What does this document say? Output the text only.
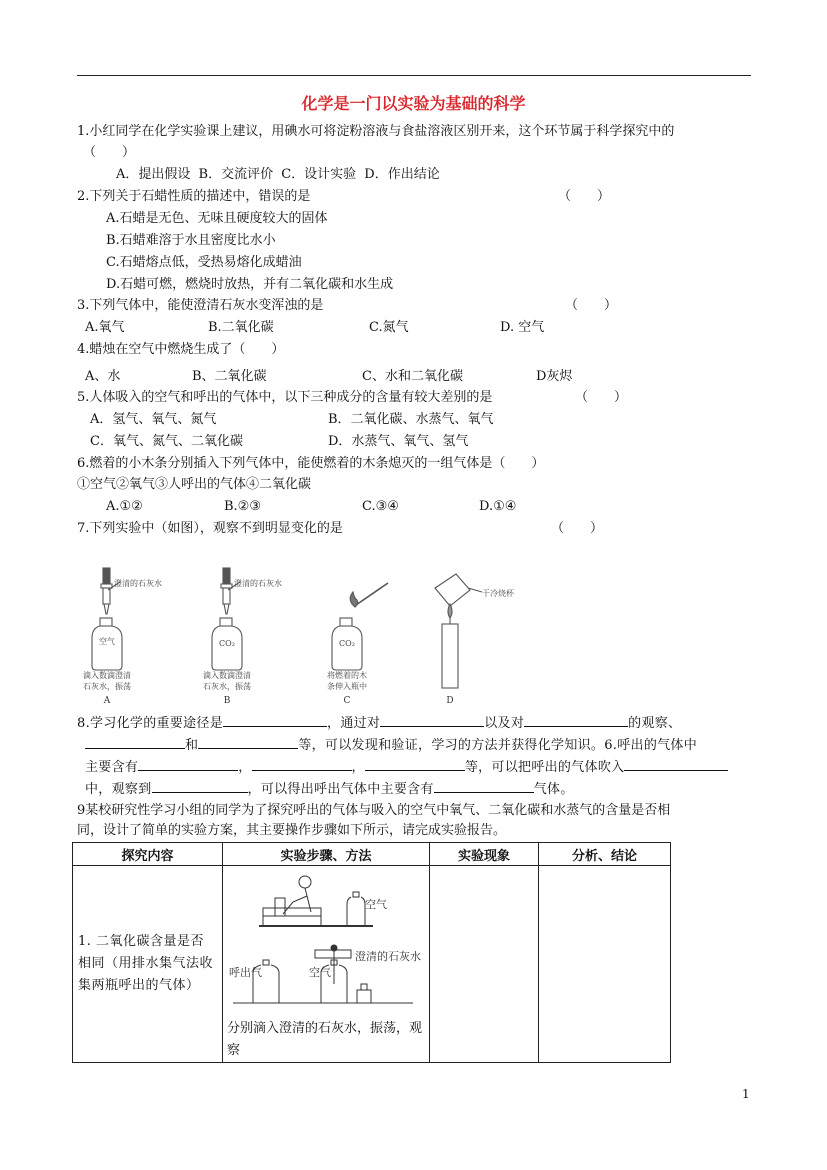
化学是一门以实验为基础的科学
1.小红同学在化学实验课上建议，用碘水可将淀粉溶液与食盐溶液区别开来，这个环节属于科学探究中的
（　　）
A．提出假设 B．交流评价 C．设计实验 D．作出结论
2.下列关于石蜡性质的描述中，错误的是	（　　）
A.石蜡是无色、无味且硬度较大的固体
B.石蜡难溶于水且密度比水小
C.石蜡熔点低，受热易熔化成蜡油
D.石蜡可燃，燃烧时放热，并有二氧化碳和水生成
3.下列气体中，能使澄清石灰水变浑浊的是	（　　）
A.氧气	B.二氧化碳	C.氮气	D. 空气
4.蜡烛在空气中燃烧生成了（　　）
A、水	B、二氧化碳	C、水和二氧化碳	D灰烬
5.人体吸入的空气和呼出的气体中，以下三种成分的含量有较大差别的是	（　　）
A．氢气、氧气、氮气	B．二氧化碳、水蒸气、氧气
C．氧气、氮气、二氧化碳	D．水蒸气、氧气、氢气
6.燃着的小木条分别插入下列气体中，能使燃着的木条熄灭的一组气体是（　　）
①空气②氧气③人呼出的气体④二氧化碳
A.①②	B.②③	C.③④	D.①④
7.下列实验中（如图），观察不到明显变化的是	（　　）
澄清的石灰水	澄清的石灰水
空气	CO₂	CO₂
干冷烧杯
滴入数滴澄清
石灰水，振荡
滴入数滴澄清
石灰水，振荡
将燃着的木
条伸入瓶中
A	B	C	D
8.学习化学的重要途径是	，通过对	以及对	的观察、
和	等，可以发现和验证，学习的方法并获得化学知识。6.呼出的气体中
主要含有	，	，	等，可以把呼出的气体吹入
中，观察到	，可以得出呼出气体中主要含有	气体。
9某校研究性学习小组的同学为了探究呼出的气体与吸入的空气中氧气、二氧化碳和水蒸气的含量是否相
同，设计了简单的实验方案，其主要操作步骤如下所示，请完成实验报告。
探究内容	实验步骤、方法	实验现象	分析、结论
1. 二氧化碳含量是否相同（用排水集气法收集两瓶呼出的气体）	空气
呼出气 空气
澄清的石灰水
分别滴入澄清的石灰水，振荡，观察		

1
